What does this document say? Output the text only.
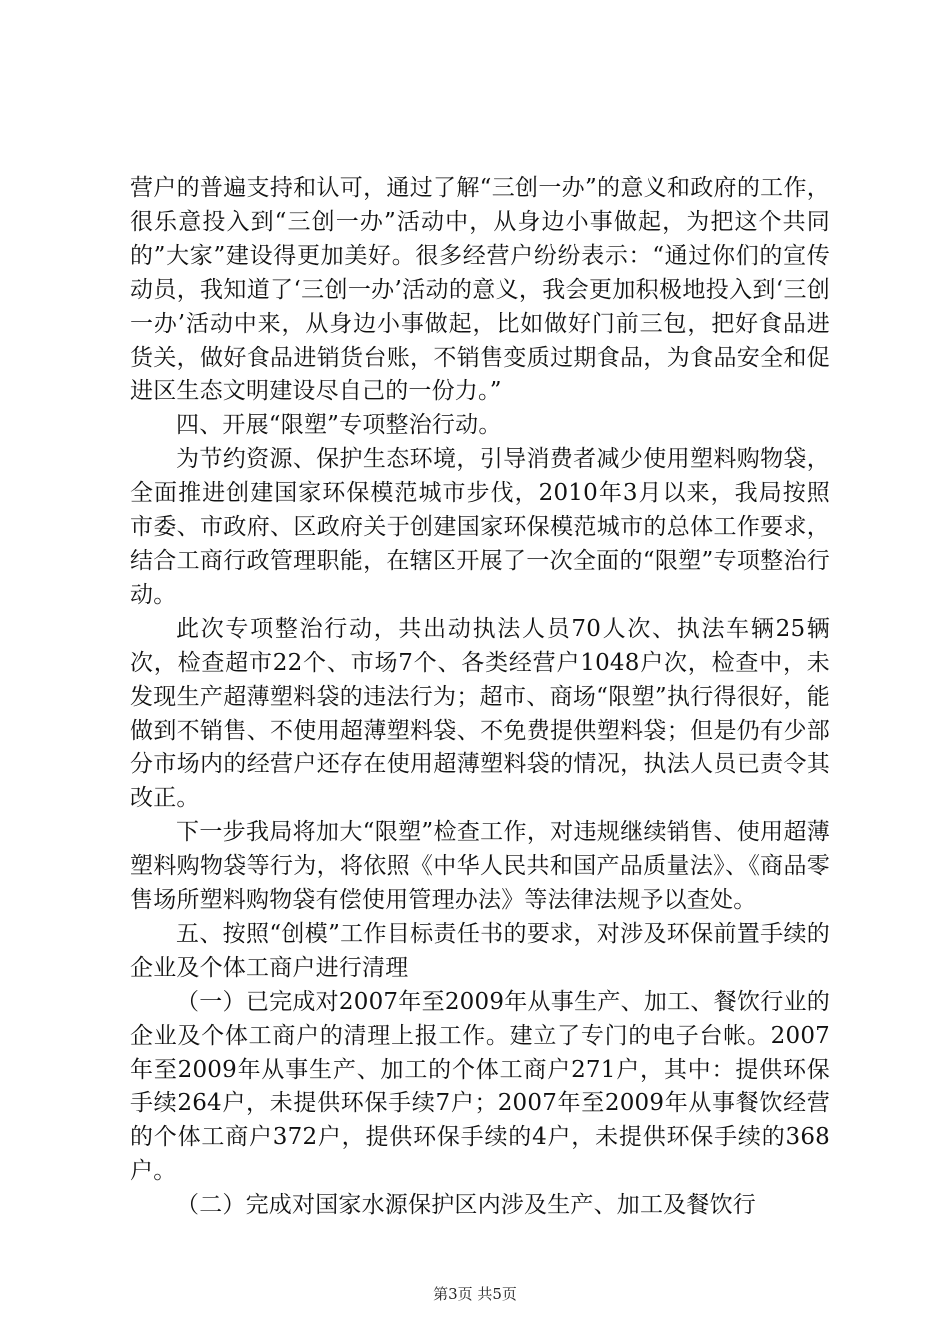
营户的普遍支持和认可，通过了解“三创一办”的意义和政府的工作，很乐意投入到“三创一办”活动中，从身边小事做起，为把这个共同的”大家”建设得更加美好。很多经营户纷纷表示：“通过你们的宣传动员，我知道了‘三创一办’活动的意义，我会更加积极地投入到‘三创一办’活动中来，从身边小事做起，比如做好门前三包，把好食品进货关，做好食品进销货台账，不销售变质过期食品，为食品安全和促进区生态文明建设尽自己的一份力。”

四、开展“限塑”专项整治行动。

为节约资源、保护生态环境，引导消费者减少使用塑料购物袋，全面推进创建国家环保模范城市步伐，2010年3月以来，我局按照市委、市政府、区政府关于创建国家环保模范城市的总体工作要求，结合工商行政管理职能，在辖区开展了一次全面的“限塑”专项整治行动。

此次专项整治行动，共出动执法人员70人次、执法车辆25辆次，检查超市22个、市场7个、各类经营户1048户次，检查中，未发现生产超薄塑料袋的违法行为；超市、商场“限塑”执行得很好，能做到不销售、不使用超薄塑料袋、不免费提供塑料袋；但是仍有少部分市场内的经营户还存在使用超薄塑料袋的情况，执法人员已责令其改正。

下一步我局将加大“限塑”检查工作，对违规继续销售、使用超薄塑料购物袋等行为，将依照《中华人民共和国产品质量法》、《商品零售场所塑料购物袋有偿使用管理办法》等法律法规予以查处。

五、按照“创模”工作目标责任书的要求，对涉及环保前置手续的企业及个体工商户进行清理

（一）已完成对2007年至2009年从事生产、加工、餐饮行业的企业及个体工商户的清理上报工作。建立了专门的电子台帐。2007年至2009年从事生产、加工的个体工商户271户，其中：提供环保手续264户，未提供环保手续7户；2007年至2009年从事餐饮经营的个体工商户372户，提供环保手续的4户，未提供环保手续的368户。

（二）完成对国家水源保护区内涉及生产、加工及餐饮行

第3页 共5页
